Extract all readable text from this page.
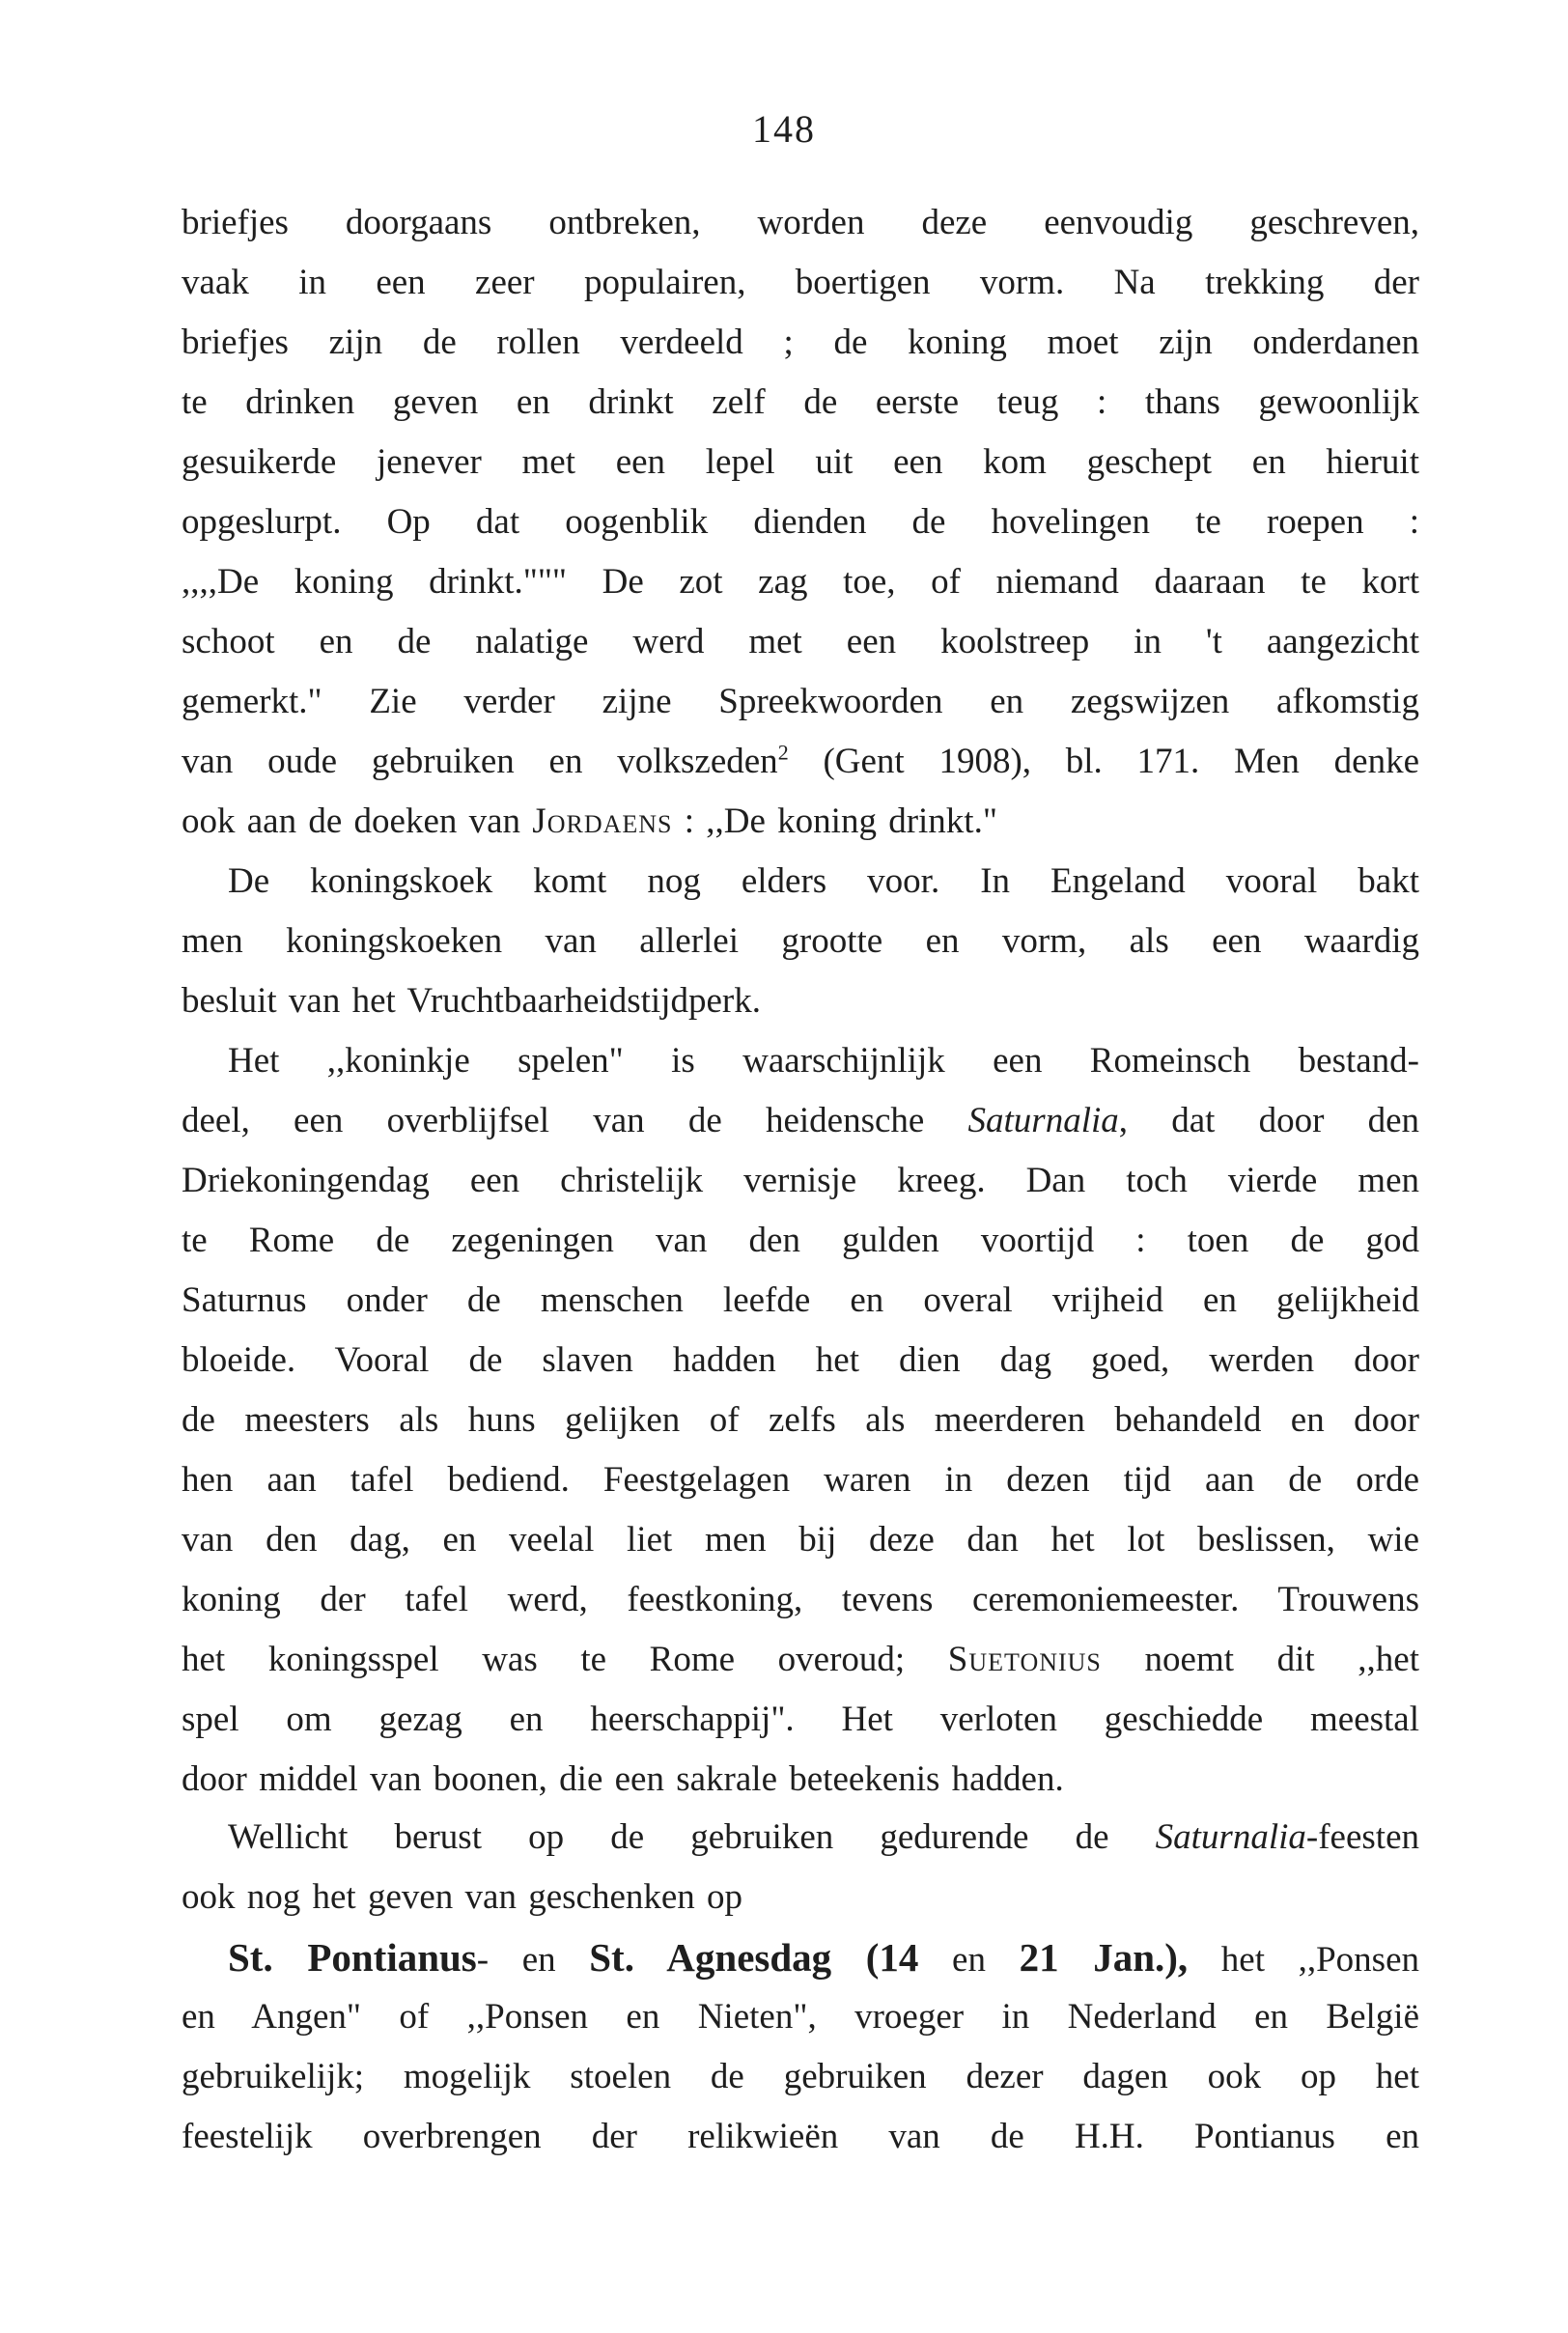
148
briefjes doorgaans ontbreken, worden deze eenvoudig geschreven,
vaak in een zeer populairen, boertigen vorm. Na trekking der
briefjes zijn de rollen verdeeld ; de koning moet zijn onderdanen
te drinken geven en drinkt zelf de eerste teug : thans gewoonlijk
gesuikerde jenever met een lepel uit een kom geschept en hieruit
opgeslurpt. Op dat oogenblik dienden de hovelingen te roepen :
,,,,De koning drinkt.""" De zot zag toe, of niemand daaraan te kort
schoot en de nalatige werd met een koolstreep in 't aangezicht
gemerkt." Zie verder zijne Spreekwoorden en zegswijzen afkomstig
van oude gebruiken en volkszeden$^2$ (Gent 1908), bl. 171. Men denke
ook aan de doeken van Jordaens : ,,De koning drinkt."
De koningskoek komt nog elders voor. In Engeland vooral bakt
men koningskoeken van allerlei grootte en vorm, als een waardig
besluit van het Vruchtbaarheidstijdperk.
Het ,,koninkje spelen" is waarschijnlijk een Romeinsch bestand-
deel, een overblijfsel van de heidensche Saturnalia, dat door den
Driekoningendag een christelijk vernisje kreeg. Dan toch vierde men
te Rome de zegeningen van den gulden voortijd : toen de god
Saturnus onder de menschen leefde en overal vrijheid en gelijkheid
bloeide. Vooral de slaven hadden het dien dag goed, werden door
de meesters als huns gelijken of zelfs als meerderen behandeld en door
hen aan tafel bediend. Feestgelagen waren in dezen tijd aan de orde
van den dag, en veelal liet men bij deze dan het lot beslissen, wie
koning der tafel werd, feestkoning, tevens ceremoniemeester. Trouwens
het koningsspel was te Rome overoud; Suetonius noemt dit ,,het
spel om gezag en heerschappij". Het verloten geschiedde meestal
door middel van boonen, die een sakrale beteekenis hadden.
Wellicht berust op de gebruiken gedurende de Saturnalia-feesten
ook nog het geven van geschenken op
St. Pontianus- en St. Agnesdag (14 en 21 Jan.), het ,,Ponsen
en Angen" of ,,Ponsen en Nieten", vroeger in Nederland en België
gebruikelijk; mogelijk stoelen de gebruiken dezer dagen ook op het
feestelijk overbrengen der relikwieën van de H.H. Pontianus en
